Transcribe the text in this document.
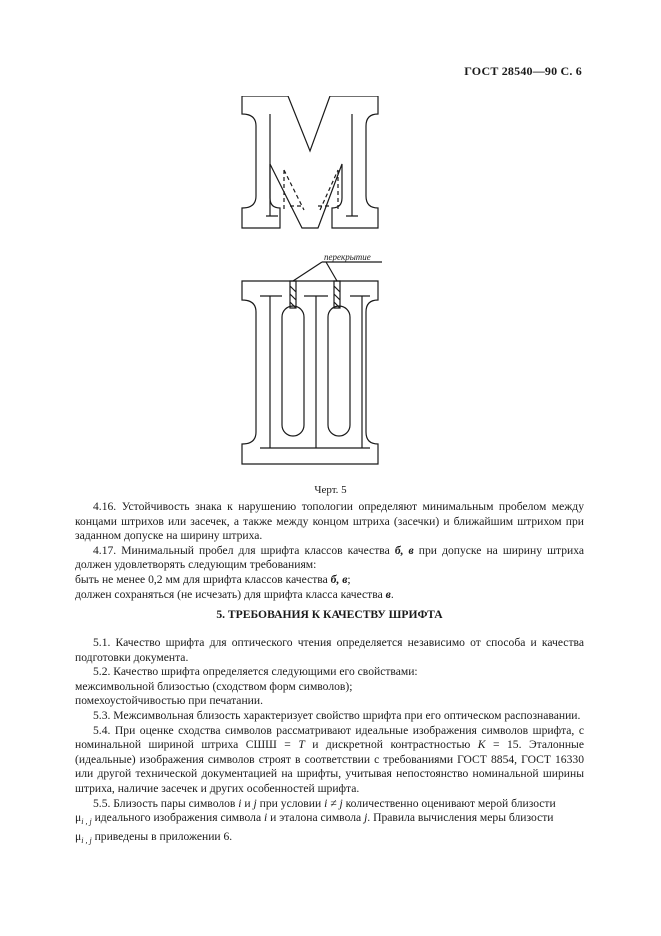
ГОСТ 28540—90 С. 6
перекрытие
Черт. 5

4.16. Устойчивость знака к нарушению топологии определяют минимальным пробелом между концами штрихов или засечек, а также между концом штриха (засечки) и ближайшим штрихом при заданном допуске на ширину штриха.

4.17. Минимальный пробел для шрифта классов качества б, в при допуске на ширину штриха должен удовлетворять следующим требованиям:

быть не менее 0,2 мм для шрифта классов качества б, в;

должен сохраняться (не исчезать) для шрифта класса качества в.

5. ТРЕБОВАНИЯ К КАЧЕСТВУ ШРИФТА

5.1. Качество шрифта для оптического чтения определяется независимо от способа и качества подготовки документа.

5.2. Качество шрифта определяется следующими его свойствами:

межсимвольной близостью (сходством форм символов);

помехоустойчивостью при печатании.

5.3. Межсимвольная близость характеризует свойство шрифта при его оптическом распознавании.

5.4. При оценке сходства символов рассматривают идеальные изображения символов шрифта, с номинальной шириной штриха СШШ = Т и дискретной контрастностью K = 15. Эталонные (идеальные) изображения символов строят в соответствии с требованиями ГОСТ 8854, ГОСТ 16330 или другой технической документацией на шрифты, учитывая непостоянство номинальной ширины штриха, наличие засечек и других особенностей шрифта.

5.5. Близость пары символов i и j при условии i ≠ j количественно оценивают мерой близости
$\mu_{i , j}$ идеального изображения символа i и эталона символа j. Правила вычисления меры близости
$\mu_{i , j}$ приведены в приложении 6.
